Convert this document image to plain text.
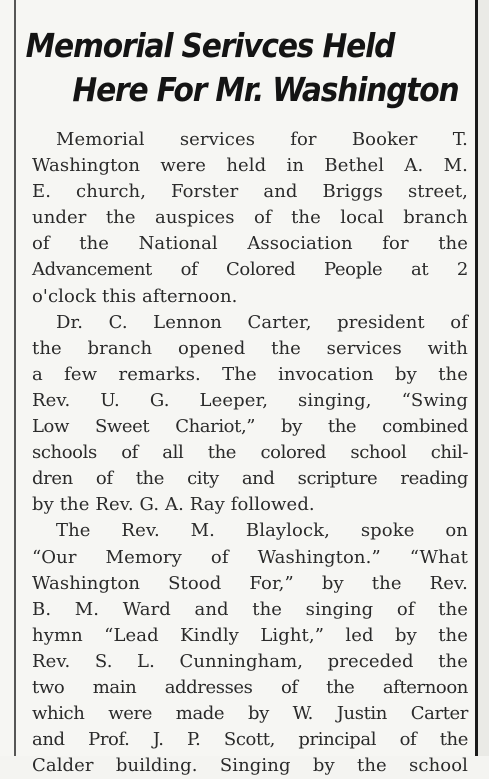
Memorial Serivces Held
Here For Mr. Washington
Memorial services for Booker T.
Washington were held in Bethel A. M.
E. church, Forster and Briggs street,
under the auspices of the local branch
of the National Association for the
Advancement of Colored People at 2
o'clock this afternoon.
Dr. C. Lennon Carter, president of
the branch opened the services with
a few remarks. The invocation by the
Rev. U. G. Leeper, singing, “Swing
Low Sweet Chariot,” by the combined
schools of all the colored school chil-
dren of the city and scripture reading
by the Rev. G. A. Ray followed.
The Rev. M. Blaylock, spoke on
“Our Memory of Washington.” “What
Washington Stood For,” by the Rev.
B. M. Ward and the singing of the
hymn “Lead Kindly Light,” led by the
Rev. S. L. Cunningham, preceded the
two main addresses of the afternoon
which were made by W. Justin Carter
and Prof. J. P. Scott, principal of the
Calder building. Singing by the school
